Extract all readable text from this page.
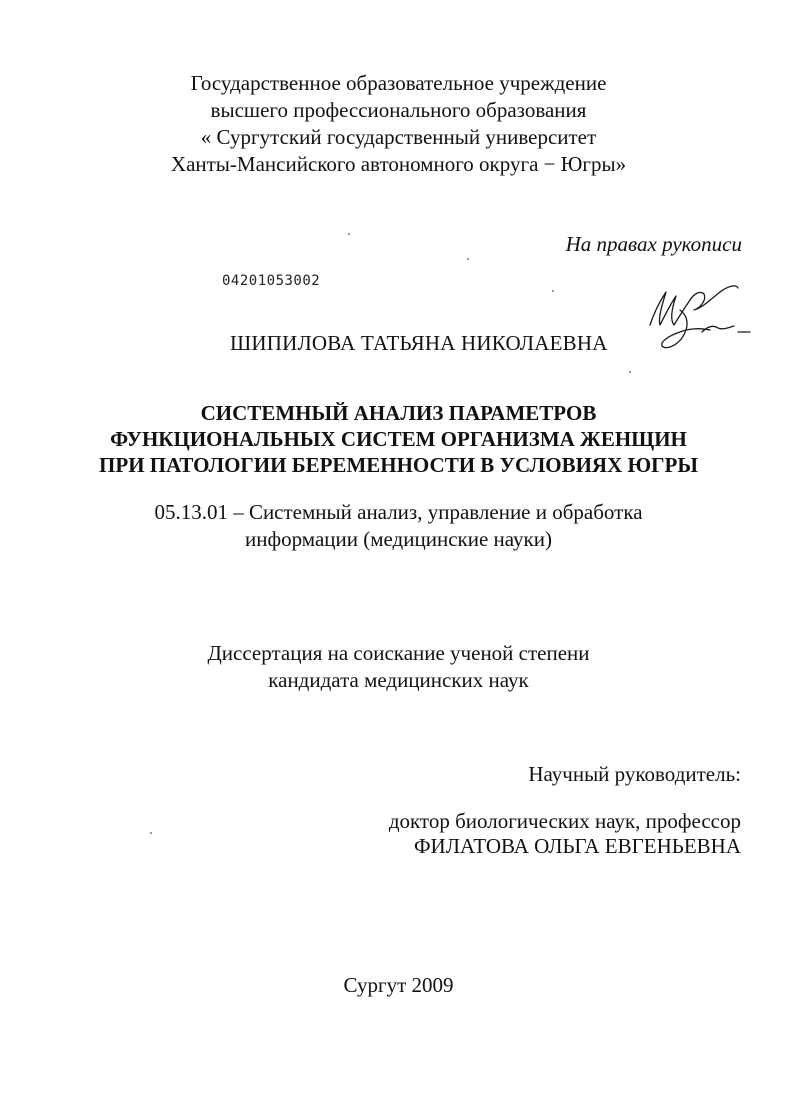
Государственное образовательное учреждение
высшего профессионального образования
« Сургутский государственный университет
Ханты-Мансийского автономного округа − Югры»
На правах рукописи
04201053002
ШИПИЛОВА ТАТЬЯНА НИКОЛАЕВНА
СИСТЕМНЫЙ АНАЛИЗ ПАРАМЕТРОВ
ФУНКЦИОНАЛЬНЫХ СИСТЕМ ОРГАНИЗМА ЖЕНЩИН
ПРИ ПАТОЛОГИИ БЕРЕМЕННОСТИ В УСЛОВИЯХ ЮГРЫ
05.13.01 – Системный анализ, управление и обработка
информации (медицинские науки)
Диссертация на соискание ученой степени
кандидата медицинских наук
Научный руководитель:
доктор биологических наук, профессор
ФИЛАТОВА ОЛЬГА ЕВГЕНЬЕВНА
Сургут 2009
